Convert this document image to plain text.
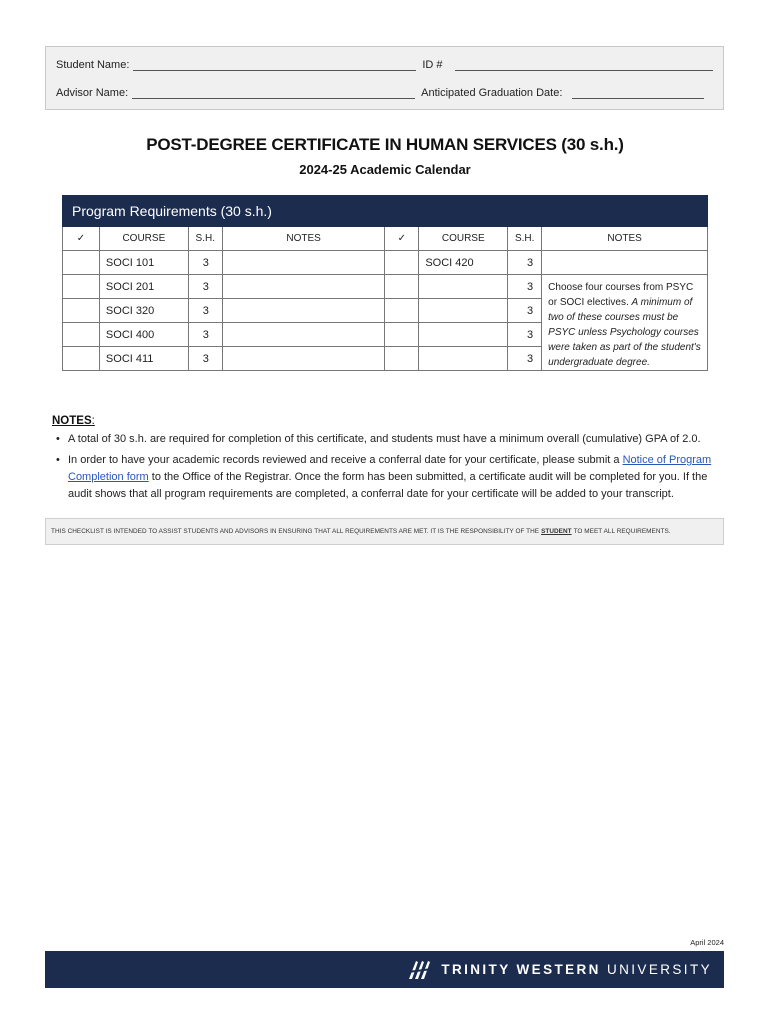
Student Name:	ID #
Advisor Name:	Anticipated Graduation Date:
POST-DEGREE CERTIFICATE IN HUMAN SERVICES (30 s.h.)
2024-25 Academic Calendar
Program Requirements (30 s.h.)							
✓	COURSE	S.H.	NOTES	✓	COURSE	S.H.	NOTES
	SOCI 101	3			SOCI 420	3	
	SOCI 201	3				3	Choose four courses from PSYC or SOCI electives. A minimum of two of these courses must be PSYC unless Psychology courses were taken as part of the student's undergraduate degree.
	SOCI 320	3				3	
	SOCI 400	3				3	
	SOCI 411	3				3	
NOTES:
• A total of 30 s.h. are required for completion of this certificate, and students must have a minimum overall (cumulative) GPA of 2.0.
• In order to have your academic records reviewed and receive a conferral date for your certificate, please submit a Notice of Program Completion form to the Office of the Registrar. Once the form has been submitted, a certificate audit will be completed for you. If the audit shows that all program requirements are completed, a conferral date for your certificate will be added to your transcript.
THIS CHECKLIST IS INTENDED TO ASSIST STUDENTS AND ADVISORS IN ENSURING THAT ALL REQUIREMENTS ARE MET. IT IS THE RESPONSIBILITY OF THE STUDENT TO MEET ALL REQUIREMENTS.
April 2024
TRINITY WESTERN UNIVERSITY
